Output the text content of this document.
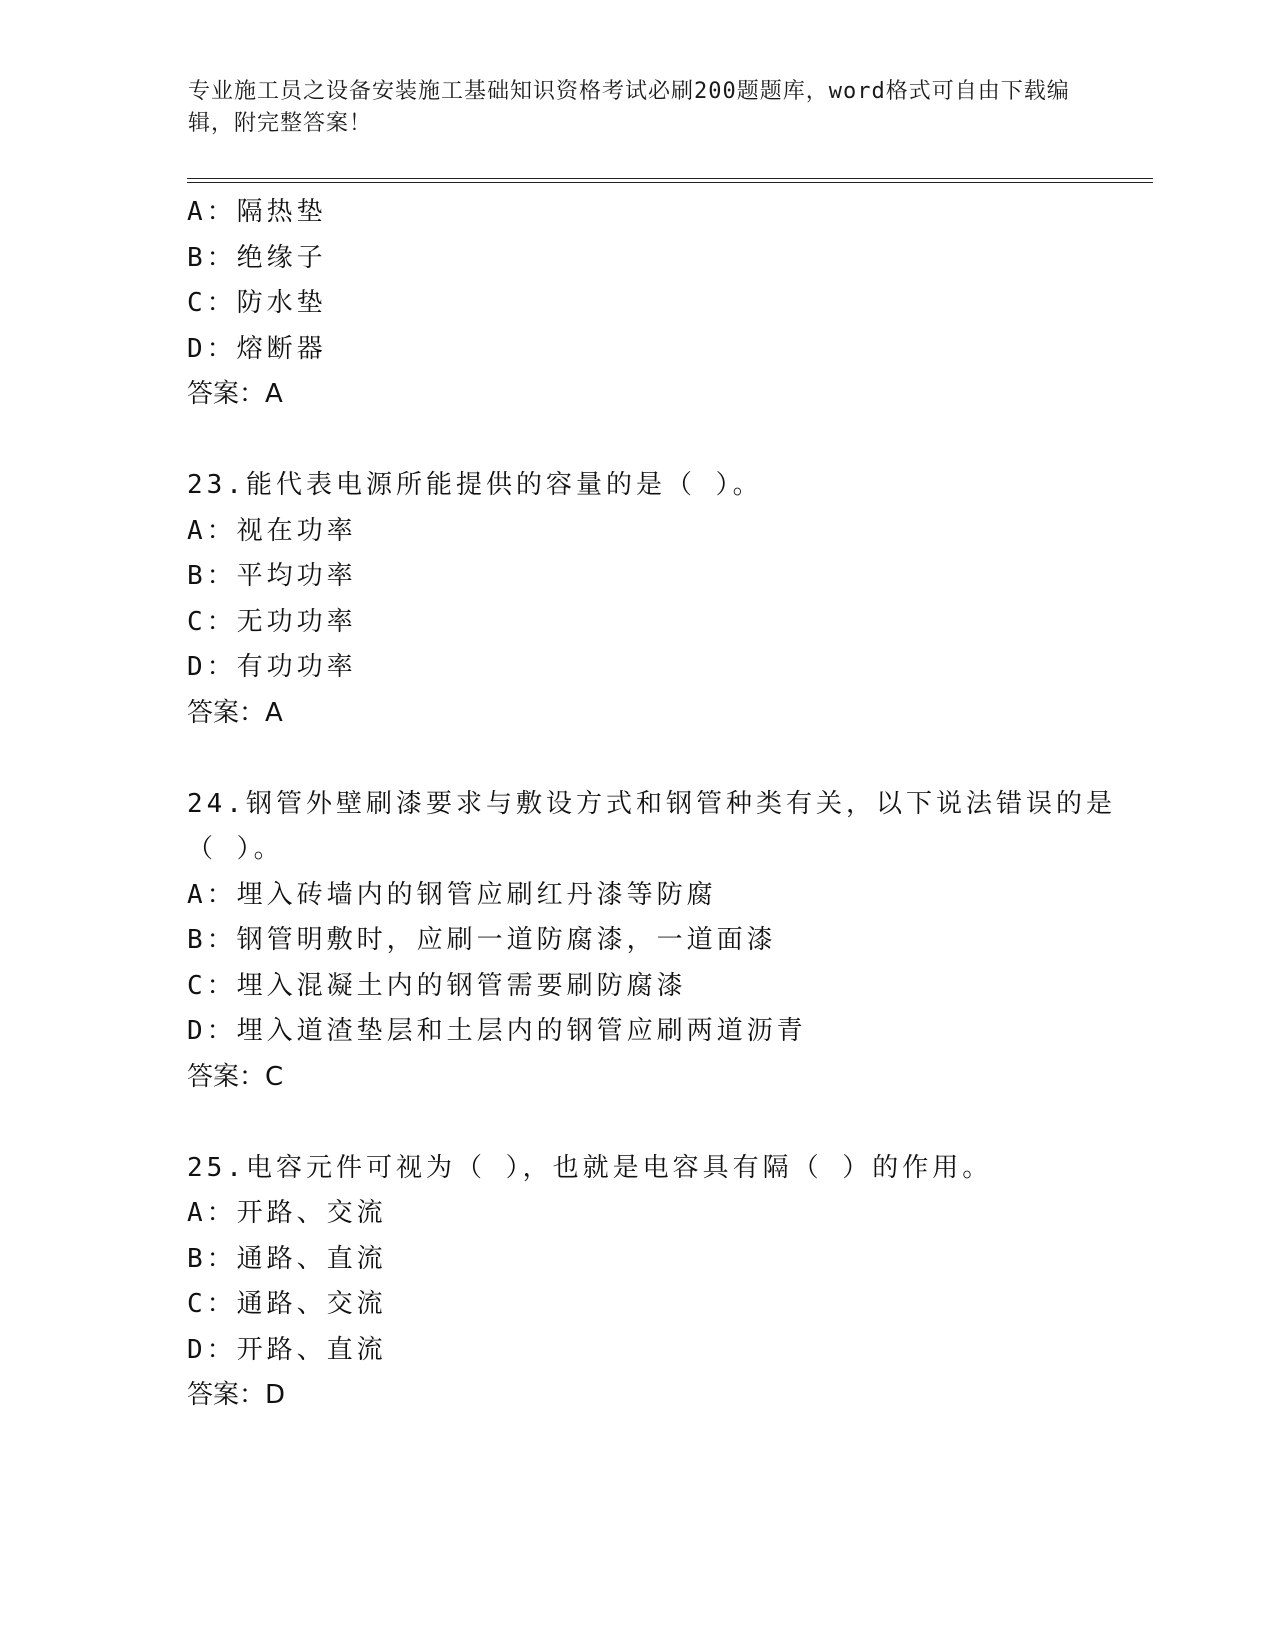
专业施工员之设备安装施工基础知识资格考试必刷200题题库，word格式可自由下载编辑，附完整答案！
A：隔热垫
B：绝缘子
C：防水垫
D：熔断器
答案：A
23.能代表电源所能提供的容量的是（ ）。
A：视在功率
B：平均功率
C：无功功率
D：有功功率
答案：A
24.钢管外壁刷漆要求与敷设方式和钢管种类有关，以下说法错误的是
（ ）。
A：埋入砖墙内的钢管应刷红丹漆等防腐
B：钢管明敷时，应刷一道防腐漆，一道面漆
C：埋入混凝土内的钢管需要刷防腐漆
D：埋入道渣垫层和土层内的钢管应刷两道沥青
答案：C
25.电容元件可视为（ ），也就是电容具有隔（ ）的作用。
A：开路、交流
B：通路、直流
C：通路、交流
D：开路、直流
答案：D
